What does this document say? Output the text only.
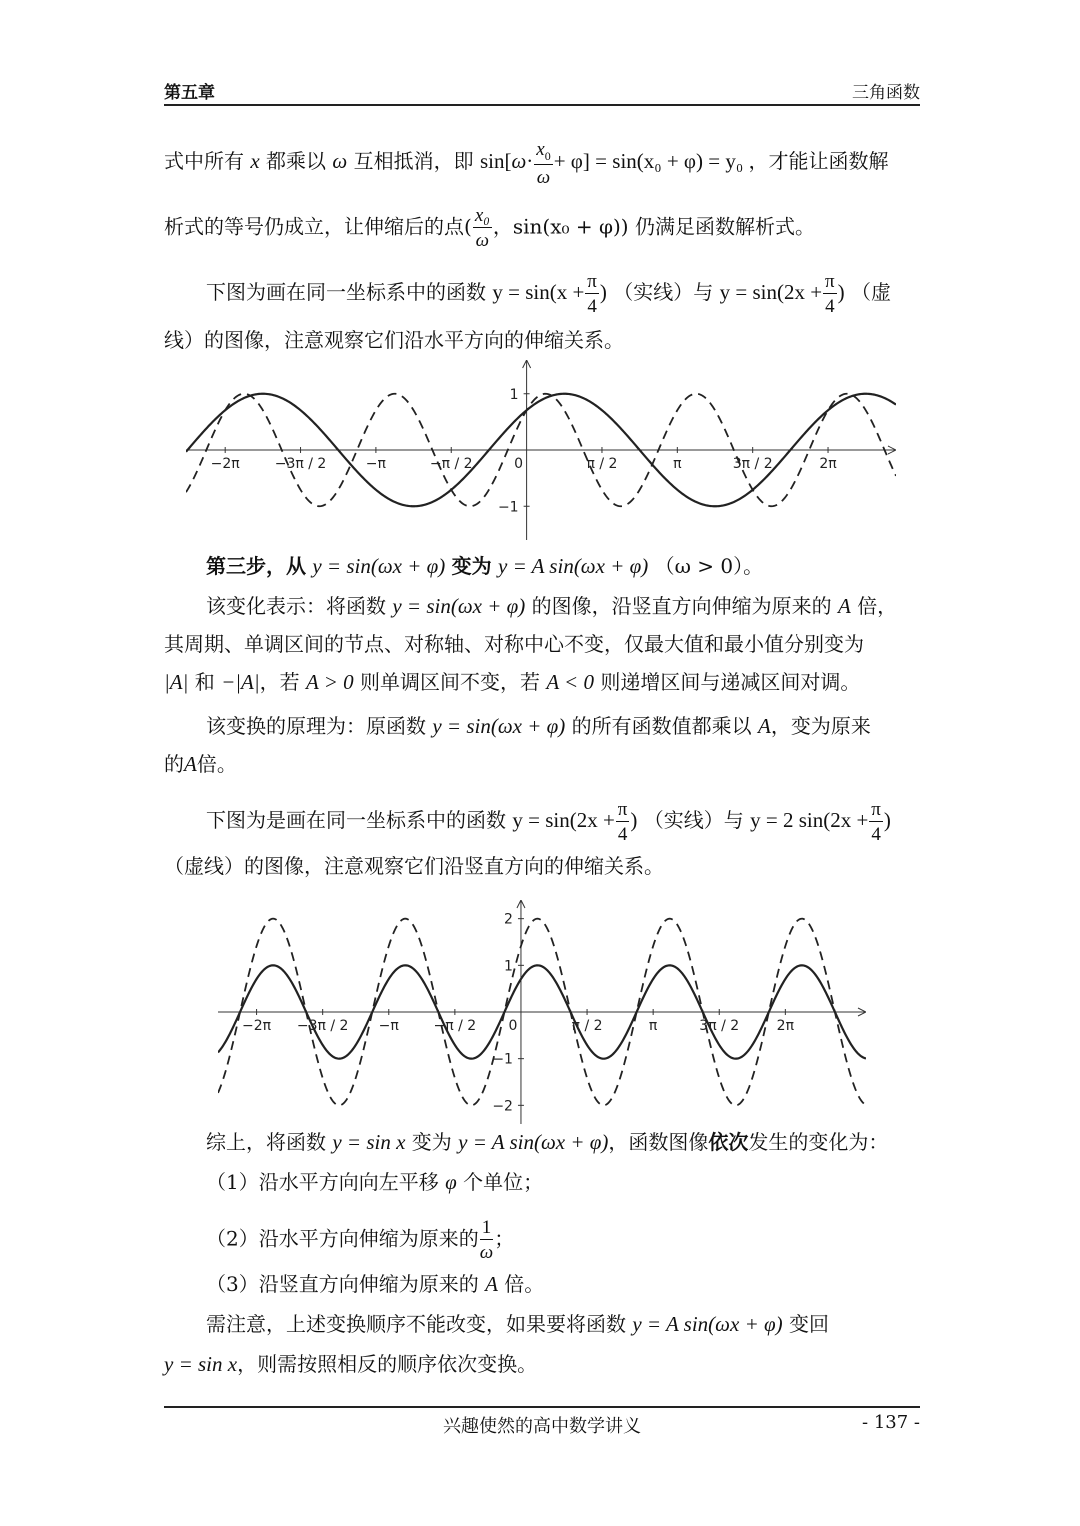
第五章	三角函数
式中所有 x 都乘以 ω 互相抵消，即 $\sin[\omega\cdot \frac{x_0}{\omega} + \varphi] = \sin(x_0 + \varphi) = y_0$ ，才能让函数解
析式的等号仍成立，让伸缩后的点( $\frac{\text{x₀}}{\omega}$ ，sin(x₀ + φ)) 仍满足函数解析式。
下图为画在同一坐标系中的函数 $y = \sin(x + \frac{\pi}{4}$ ) （实线）与 $y = \sin(2x + \frac{\pi}{4}$ ) （虚
线）的图像，注意观察它们沿水平方向的伸缩关系。
−2π	−3π / 2	−π	−π / 2	0	π / 2	π	3π / 2	2π
1
−1
第三步，从 y = sin(ωx + φ) 变为 y = A sin(ωx + φ) （ω > 0）。
该变化表示：将函数 y = sin(ωx + φ) 的图像，沿竖直方向伸缩为原来的 A 倍，
其周期、单调区间的节点、对称轴、对称中心不变，仅最大值和最小值分别变为
|A| 和 −|A|，若 A > 0 则单调区间不变，若 A < 0 则递增区间与递减区间对调。
该变换的原理为：原函数 y = sin(ωx + φ) 的所有函数值都乘以 A，变为原来
的A倍。
下图为是画在同一坐标系中的函数 $y = \sin(2x + \frac{\pi}{4}$ ) （实线）与 y = 2 $\sin(2x + \frac{\pi}{4}$ )
（虚线）的图像，注意观察它们沿竖直方向的伸缩关系。
−2π −3π / 2 −π −π / 2 0	π / 2	π	3π / 2	2π
2
1
−1
−2
综上，将函数 y = sin x 变为 y = A sin(ωx + φ)，函数图像依次发生的变化为：
（1）沿水平方向向左平移 φ 个单位；
（2）沿水平方向伸缩为原来的 $\frac{1}{\omega}$ ；
（3）沿竖直方向伸缩为原来的 A 倍。
需注意，上述变换顺序不能改变，如果要将函数 y = A sin(ωx + φ) 变回
y = sin x，则需按照相反的顺序依次变换。
兴趣使然的高中数学讲义	- 137 -
